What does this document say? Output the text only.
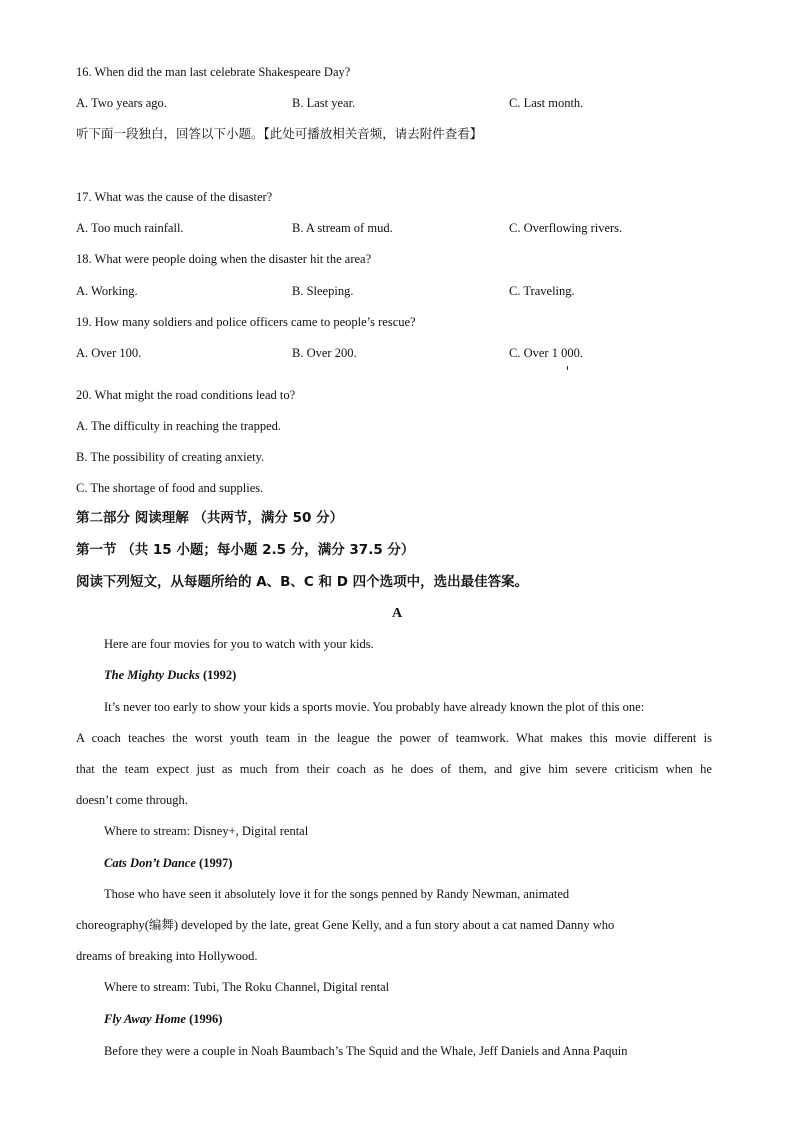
16. When did the man last celebrate Shakespeare Day?
A. Two years ago.	B. Last year.	C. Last month.
听下面一段独白，回答以下小题。【此处可播放相关音频，请去附件查看】
17. What was the cause of the disaster?
A. Too much rainfall.	B. A stream of mud.	C. Overflowing rivers.
18. What were people doing when the disaster hit the area?
A. Working.	B. Sleeping.	C. Traveling.
19. How many soldiers and police officers came to people’s rescue?
A. Over 100.	B. Over 200.	C. Over 1 000.
20. What might the road conditions lead to?
A. The difficulty in reaching the trapped.
B. The possibility of creating anxiety.
C. The shortage of food and supplies.
第二部分 阅读理解 （共两节，满分 50 分）
第一节 （共 15 小题；每小题 2.5 分，满分 37.5 分）
阅读下列短文，从每题所给的 A、B、C 和 D 四个选项中，选出最佳答案。
A
Here are four movies for you to watch with your kids.
The Mighty Ducks (1992)
It’s never too early to show your kids a sports movie. You probably have already known the plot of this one:
A coach teaches the worst youth team in the league the power of teamwork. What makes this movie different is
that the team expect just as much from their coach as he does of them, and give him severe criticism when he
doesn’t come through.
Where to stream: Disney+, Digital rental
Cats Don’t Dance (1997)
Those who have seen it absolutely love it for the songs penned by Randy Newman, animated
choreography(编舞) developed by the late, great Gene Kelly, and a fun story about a cat named Danny who
dreams of breaking into Hollywood.
Where to stream: Tubi, The Roku Channel, Digital rental
Fly Away Home (1996)
Before they were a couple in Noah Baumbach’s The Squid and the Whale, Jeff Daniels and Anna Paquin
